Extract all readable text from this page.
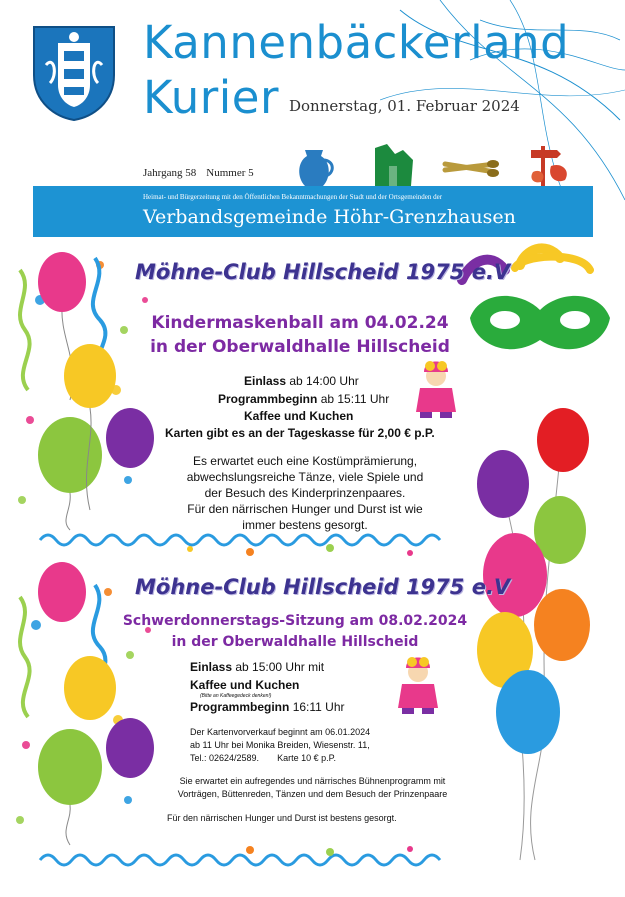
Kannenbäckerland
Kurier Donnerstag, 01. Februar 2024
Jahrgang 58 Nummer 5
Heimat- und Bürgerzeitung mit den Öffentlichen Bekanntmachungen der Stadt und der Ortsgemeinden der
Verbandsgemeinde Höhr-Grenzhausen
Möhne-Club Hillscheid 1975 e.V
Kindermaskenball am 04.02.24
in der Oberwaldhalle Hillscheid
Einlass ab 14:00 Uhr
Programmbeginn ab 15:11 Uhr
Kaffee und Kuchen
Karten gibt es an der Tageskasse für 2,00 € p.P.
Es erwartet euch eine Kostümprämierung,
abwechslungsreiche Tänze, viele Spiele und
der Besuch des Kinderprinzenpaares.
Für den närrischen Hunger und Durst ist wie
immer bestens gesorgt.
Möhne-Club Hillscheid 1975 e.V
Schwerdonnerstags-Sitzung am 08.02.2024
in der Oberwaldhalle Hillscheid
Einlass ab 15:00 Uhr mit
Kaffee und Kuchen
(Bitte an Kaffeegedeck denken!)
Programmbeginn 16:11 Uhr
Der Kartenvorverkauf beginnt am 06.01.2024
ab 11 Uhr bei Monika Breiden, Wiesenstr. 11,
Tel.: 02624/2589. Karte 10 € p.P.
Sie erwartet ein aufregendes und närrisches Bühnenprogramm mit
Vorträgen, Büttenreden, Tänzen und dem Besuch der Prinzenpaare
Für den närrischen Hunger und Durst ist bestens gesorgt.
